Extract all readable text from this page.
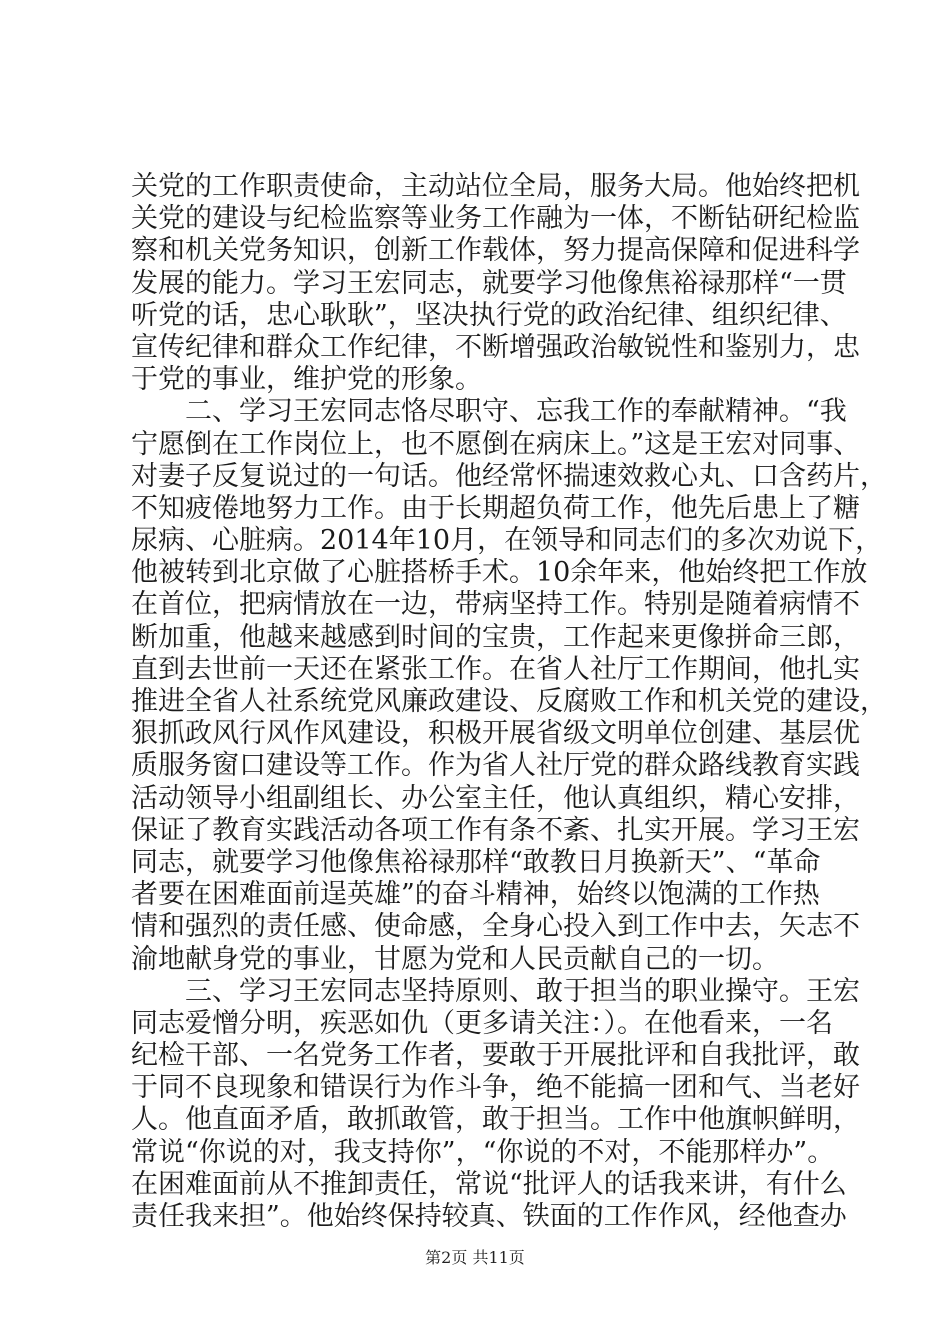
关党的工作职责使命，主动站位全局，服务大局。他始终把机
关党的建设与纪检监察等业务工作融为一体，不断钻研纪检监
察和机关党务知识，创新工作载体，努力提高保障和促进科学
发展的能力。学习王宏同志，就要学习他像焦裕禄那样“一贯
听党的话，忠心耿耿”，坚决执行党的政治纪律、组织纪律、
宣传纪律和群众工作纪律，不断增强政治敏锐性和鉴别力，忠
于党的事业，维护党的形象。
二、学习王宏同志恪尽职守、忘我工作的奉献精神。“我
宁愿倒在工作岗位上，也不愿倒在病床上。”这是王宏对同事、
对妻子反复说过的一句话。他经常怀揣速效救心丸、口含药片，
不知疲倦地努力工作。由于长期超负荷工作，他先后患上了糖
尿病、心脏病。2014年10月，在领导和同志们的多次劝说下，
他被转到北京做了心脏搭桥手术。10余年来，他始终把工作放
在首位，把病情放在一边，带病坚持工作。特别是随着病情不
断加重，他越来越感到时间的宝贵，工作起来更像拼命三郎，
直到去世前一天还在紧张工作。在省人社厅工作期间，他扎实
推进全省人社系统党风廉政建设、反腐败工作和机关党的建设，
狠抓政风行风作风建设，积极开展省级文明单位创建、基层优
质服务窗口建设等工作。作为省人社厅党的群众路线教育实践
活动领导小组副组长、办公室主任，他认真组织，精心安排，
保证了教育实践活动各项工作有条不紊、扎实开展。学习王宏
同志，就要学习他像焦裕禄那样“敢教日月换新天”、“革命
者要在困难面前逞英雄”的奋斗精神，始终以饱满的工作热
情和强烈的责任感、使命感，全身心投入到工作中去，矢志不
渝地献身党的事业，甘愿为党和人民贡献自己的一切。
三、学习王宏同志坚持原则、敢于担当的职业操守。王宏
同志爱憎分明，疾恶如仇（更多请关注：）。在他看来，一名
纪检干部、一名党务工作者，要敢于开展批评和自我批评，敢
于同不良现象和错误行为作斗争，绝不能搞一团和气、当老好
人。他直面矛盾，敢抓敢管，敢于担当。工作中他旗帜鲜明，
常说“你说的对，我支持你”，“你说的不对，不能那样办”。
在困难面前从不推卸责任，常说“批评人的话我来讲，有什么
责任我来担”。他始终保持较真、铁面的工作作风，经他查办
第2页 共11页
